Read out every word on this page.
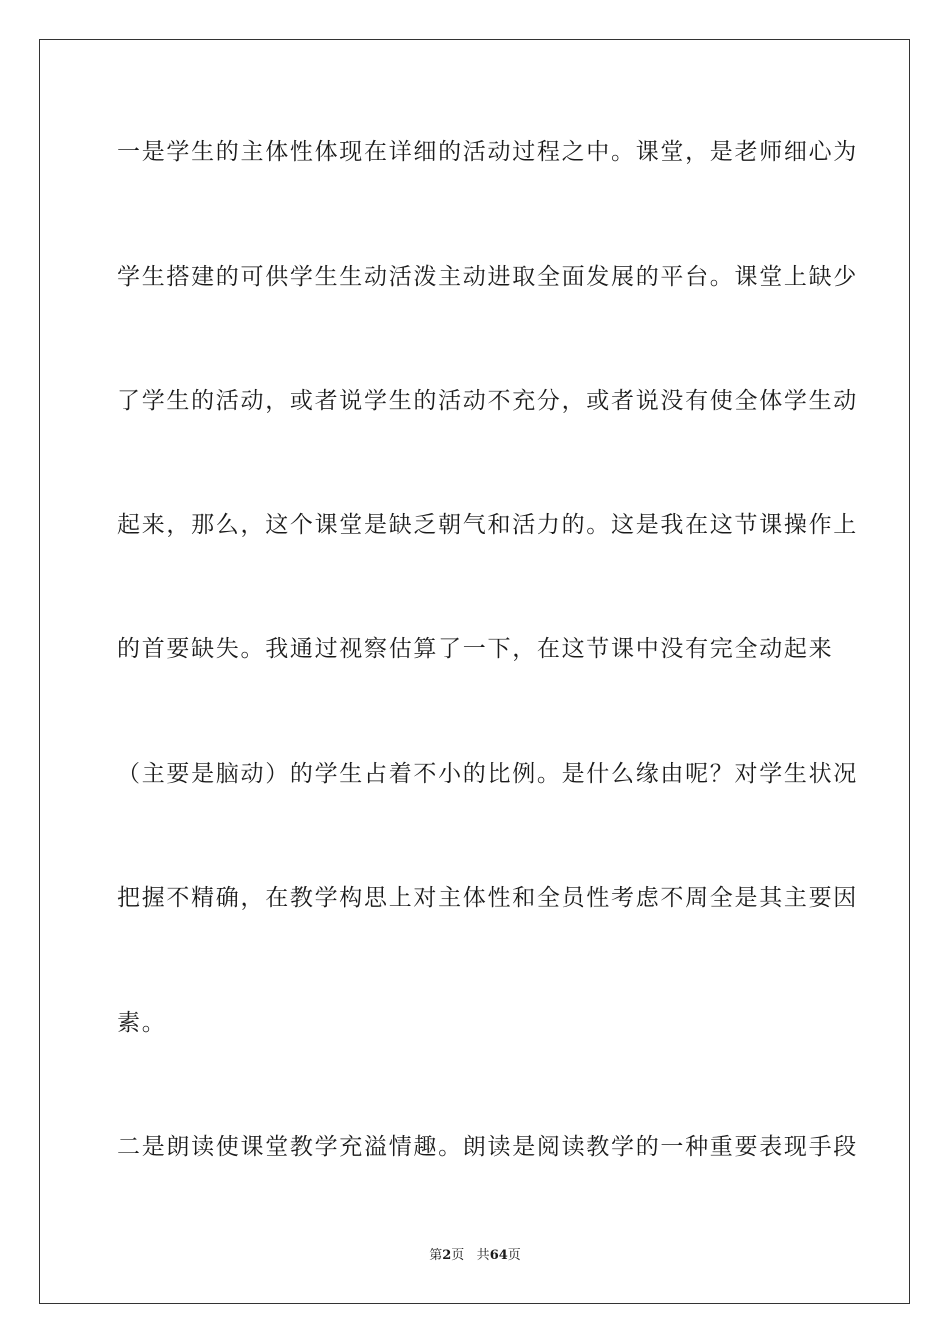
一是学生的主体性体现在详细的活动过程之中。课堂，是老师细心为
学生搭建的可供学生生动活泼主动进取全面发展的平台。课堂上缺少
了学生的活动，或者说学生的活动不充分，或者说没有使全体学生动
起来，那么，这个课堂是缺乏朝气和活力的。这是我在这节课操作上
的首要缺失。我通过视察估算了一下，在这节课中没有完全动起来
（主要是脑动）的学生占着不小的比例。是什么缘由呢？对学生状况
把握不精确，在教学构思上对主体性和全员性考虑不周全是其主要因
素。
二是朗读使课堂教学充溢情趣。朗读是阅读教学的一种重要表现手段
第2页 共64页
